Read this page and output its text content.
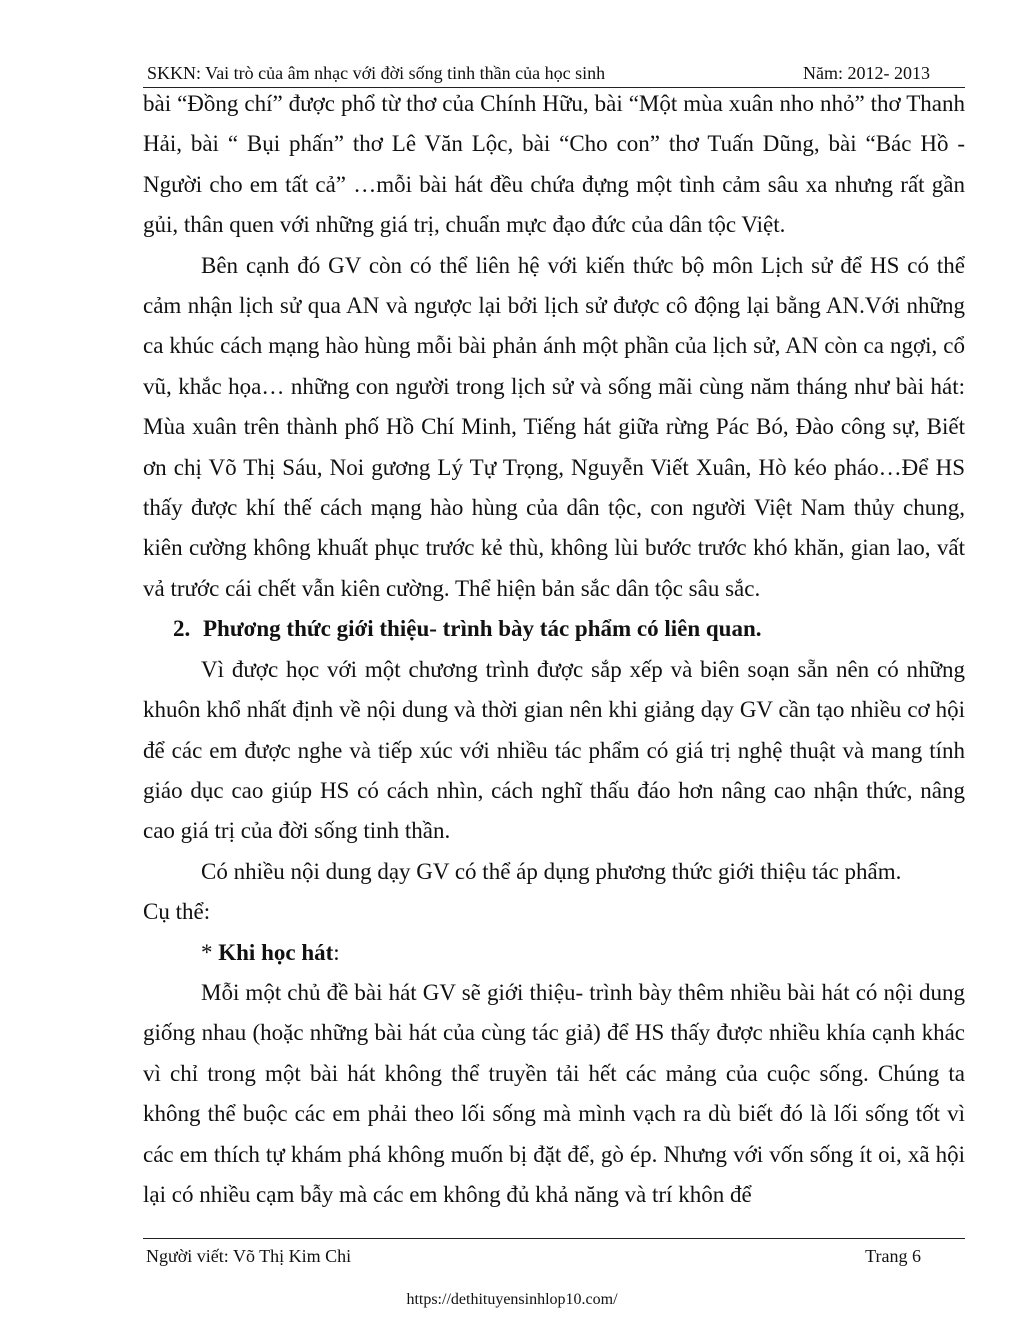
SKKN: Vai trò của âm nhạc với đời sống tinh thần của học sinh	Năm: 2012- 2013

bài “Đồng chí” được phổ từ thơ của Chính Hữu, bài “Một mùa xuân nho nhỏ” thơ Thanh Hải, bài “ Bụi phấn” thơ Lê Văn Lộc, bài “Cho con” thơ Tuấn Dũng, bài “Bác Hồ - Người cho em tất cả” …mỗi bài hát đều chứa đựng một tình cảm sâu xa nhưng rất gần gủi, thân quen với những giá trị, chuẩn mực đạo đức của dân tộc Việt.

Bên cạnh đó GV còn có thể liên hệ với kiến thức bộ môn Lịch sử để HS có thể cảm nhận lịch sử qua AN và ngược lại bởi lịch sử được cô động lại bằng AN.Với những ca khúc cách mạng hào hùng mỗi bài phản ánh một phần của lịch sử, AN còn ca ngợi, cổ vũ, khắc họa… những con người trong lịch sử và sống mãi cùng năm tháng như bài hát: Mùa xuân trên thành phố Hồ Chí Minh, Tiếng hát giữa rừng Pác Bó, Đào công sự, Biết ơn chị Võ Thị Sáu, Noi gương Lý Tự Trọng, Nguyễn Viết Xuân, Hò kéo pháo…Để HS thấy được khí thế cách mạng hào hùng của dân tộc, con người Việt Nam thủy chung, kiên cường không khuất phục trước kẻ thù, không lùi bước trước khó khăn, gian lao, vất vả trước cái chết vẫn kiên cường. Thể hiện bản sắc dân tộc sâu sắc.

2. Phương thức giới thiệu- trình bày tác phẩm có liên quan.

Vì được học với một chương trình được sắp xếp và biên soạn sẵn nên có những khuôn khổ nhất định về nội dung và thời gian nên khi giảng dạy GV cần tạo nhiều cơ hội để các em được nghe và tiếp xúc với nhiều tác phẩm có giá trị nghệ thuật và mang tính giáo dục cao giúp HS có cách nhìn, cách nghĩ thấu đáo hơn nâng cao nhận thức, nâng cao giá trị của đời sống tinh thần.

Có nhiều nội dung dạy GV có thể áp dụng phương thức giới thiệu tác phẩm.

Cụ thể:

* Khi học hát:

Mỗi một chủ đề bài hát GV sẽ giới thiệu- trình bày thêm nhiều bài hát có nội dung giống nhau (hoặc những bài hát của cùng tác giả) để HS thấy được nhiều khía cạnh khác vì chỉ trong một bài hát không thể truyền tải hết các mảng của cuộc sống. Chúng ta không thể buộc các em phải theo lối sống mà mình vạch ra dù biết đó là lối sống tốt vì các em thích tự khám phá không muốn bị đặt để, gò ép. Nhưng với vốn sống ít oi, xã hội lại có nhiều cạm bẫy mà các em không đủ khả năng và trí khôn để

Người viết: Võ Thị Kim Chi	Trang 6
https://dethituyensinhlop10.com/
